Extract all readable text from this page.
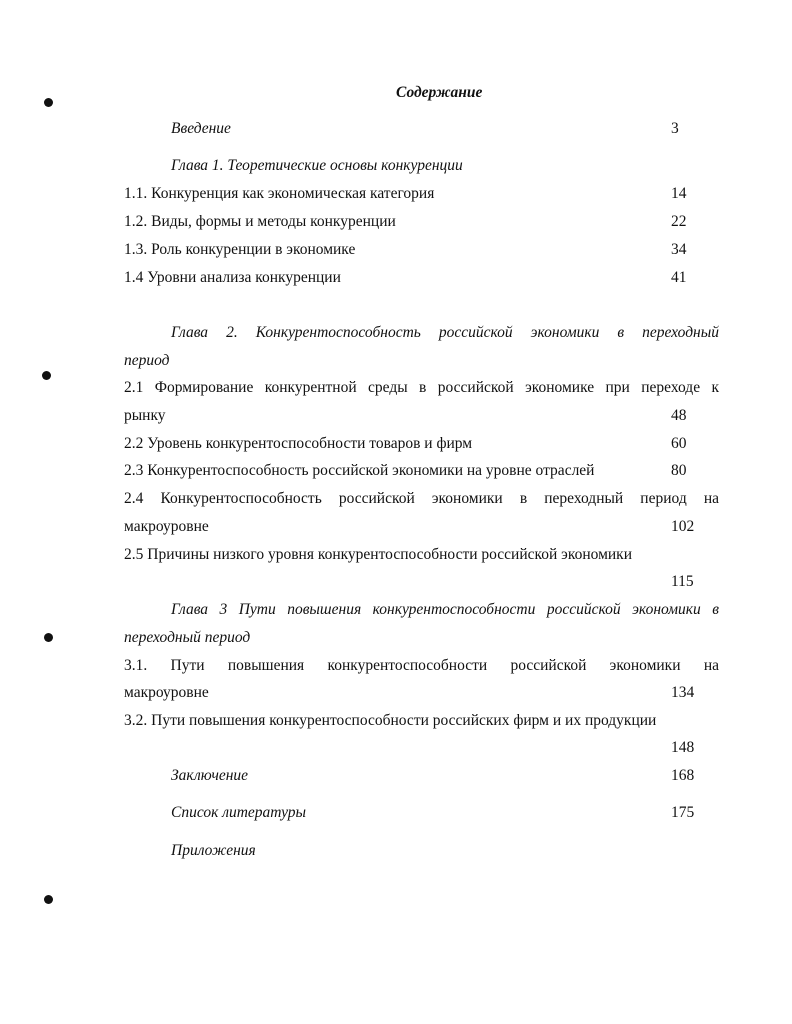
Содержание
Введение	3
Глава 1. Теоретические основы конкуренции
1.1. Конкуренция как экономическая категория	14
1.2. Виды, формы и методы конкуренции	22
1.3. Роль конкуренции в экономике	34
1.4 Уровни анализа конкуренции	41
Глава 2. Конкурентоспособность российской экономики в переходный
период
2.1 Формирование конкурентной среды в российской экономике при переходе к
рынку	48
2.2 Уровень конкурентоспособности товаров и фирм	60
2.3 Конкурентоспособность российской экономики на уровне отраслей	80
2.4 Конкурентоспособность российской экономики в переходный период на
макроуровне	102
2.5 Причины низкого уровня конкурентоспособности российской экономики
115
Глава 3 Пути повышения конкурентоспособности российской экономики в
переходный период
3.1. Пути повышения конкурентоспособности российской экономики на
макроуровне	134
3.2. Пути повышения конкурентоспособности российских фирм и их продукции
148
Заключение	168
Список литературы	175
Приложения
